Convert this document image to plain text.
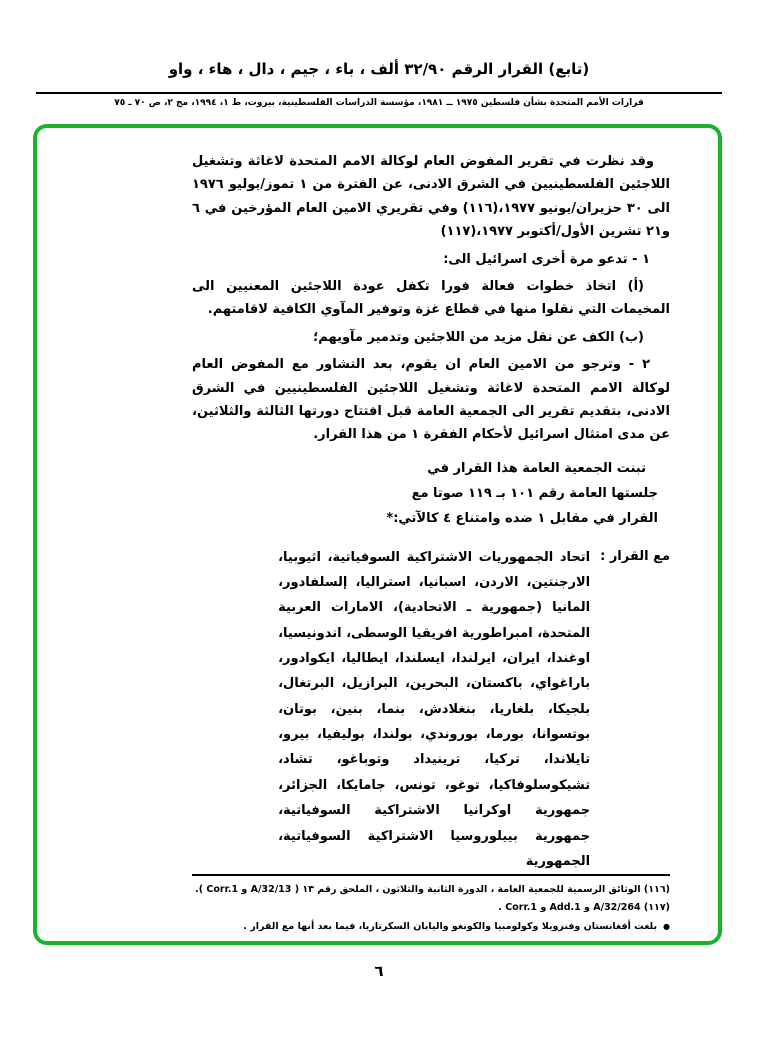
(تابع) القرار الرقم ٣٢/٩٠ ألف ، باء ، جيم ، دال ، هاء ، واو
قرارات الأمم المتحدة بشأن فلسطين ١٩٧٥ ــ ١٩٨١، مؤسسة الدراسات الفلسطينية، بيروت، ط ١، ١٩٩٤، مج ٢، ص ٧٠ ـ ٧٥

وقد نظرت في تقرير المفوض العام لوكالة الامم المتحدة لاغاثة وتشغيل اللاجئين الفلسطينيين في الشرق الادنى، عن الفترة من ١ تموز/يوليو ١٩٧٦ الى ٣٠ حزيران/يونيو ١٩٧٧،(١١٦) وفي تقريري الامين العام المؤرخين في ٦ و٢١ تشرين الأول/أكتوبر ١٩٧٧،(١١٧)

١ - تدعو مرة أخرى اسرائيل الى:

(أ) اتخاذ خطوات فعالة فورا تكفل عودة اللاجئين المعنيين الى المخيمات التي نقلوا منها في قطاع غزة وتوفير المآوي الكافية لاقامتهم.

(ب) الكف عن نقل مزيد من اللاجئين وتدمير مآويهم؛

٢ - وترجو من الامين العام ان يقوم، بعد التشاور مع المفوض العام لوكالة الامم المتحدة لاغاثة وتشغيل اللاجئين الفلسطينيين في الشرق الادنى، بتقديم تقرير الى الجمعية العامة قبل افتتاح دورتها الثالثة والثلاثين، عن مدى امتثال اسرائيل لأحكام الفقرة ١ من هذا القرار.

تبنت الجمعية العامة هذا القرار في جلستها العامة رقم ١٠١ بـ ١١٩ صوتا مع القرار في مقابل ١ ضده وامتناع ٤ كالآتي:*
مع القرار :
اتحاد الجمهوريات الاشتراكية السوفياتية، اثيوبيا، الارجنتين، الاردن، اسبانيا، استراليا، إلسلفادور، المانيا (جمهورية ـ الاتحادية)، الامارات العربية المتحدة، امبراطورية افريقيا الوسطى، اندونيسيا، اوغندا، ايران، ايرلندا، ايسلندا، ايطاليا، ايكوادور، باراغواي، باكستان، البحرين، البرازيل، البرتغال، بلجيكا، بلغاريا، بنغلادش، بنما، بنين، بوتان، بوتسوانا، بورما، بوروندي، بولندا، بوليفيا، بيرو، تايلاندا، تركيا، ترينيداد وتوباغو، تشاد، تشيكوسلوفاكيا، توغو، تونس، جامايكا، الجزائر، جمهورية اوكرانيا الاشتراكية السوفياتية، جمهورية بييلوروسيا الاشتراكية السوفياتية، الجمهورية
(١١٦) الوثائق الرسمية للجمعية العامة ، الدورة الثانية والثلاثون ، الملحق رقم ١٣ ( A/32/13 و Corr.1 ).
(١١٧) A/32/264 و Add.1 و Corr.1 .
●
بلغت أفغانستان وفنزويلا وكولومبيا والكونغو واليابان السكرتاريا، فيما بعد أنها مع القرار .
٦
